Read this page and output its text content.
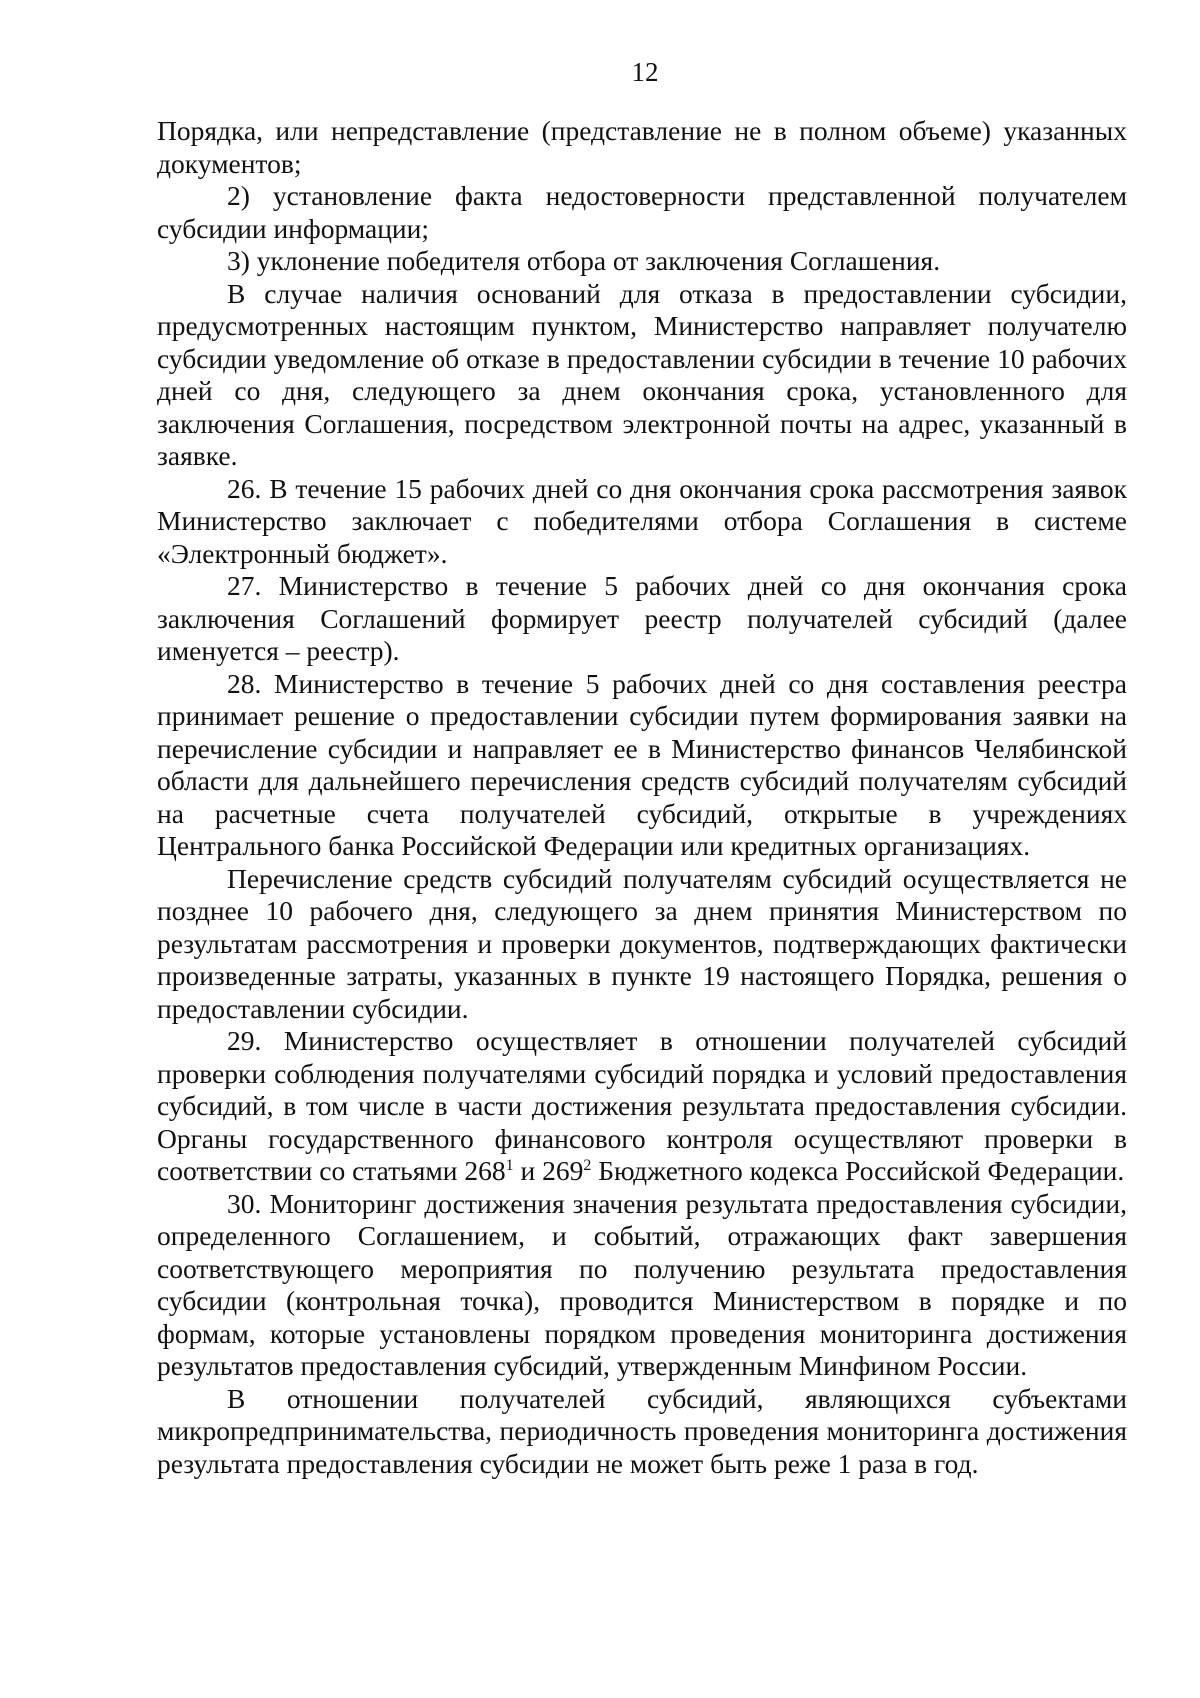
12

Порядка, или непредставление (представление не в полном объеме) указанных документов;

2) установление факта недостоверности представленной получателем субсидии информации;

3) уклонение победителя отбора от заключения Соглашения.

В случае наличия оснований для отказа в предоставлении субсидии, предусмотренных настоящим пунктом, Министерство направляет получателю субсидии уведомление об отказе в предоставлении субсидии в течение 10 рабочих дней со дня, следующего за днем окончания срока, установленного для заключения Соглашения, посредством электронной почты на адрес, указанный в заявке.

26. В течение 15 рабочих дней со дня окончания срока рассмотрения заявок Министерство заключает с победителями отбора Соглашения в системе «Электронный бюджет».

27. Министерство в течение 5 рабочих дней со дня окончания срока заключения Соглашений формирует реестр получателей субсидий (далее именуется – реестр).

28. Министерство в течение 5 рабочих дней со дня составления реестра принимает решение о предоставлении субсидии путем формирования заявки на перечисление субсидии и направляет ее в Министерство финансов Челябинской области для дальнейшего перечисления средств субсидий получателям субсидий на расчетные счета получателей субсидий, открытые в учреждениях Центрального банка Российской Федерации или кредитных организациях.

Перечисление средств субсидий получателям субсидий осуществляется не позднее 10 рабочего дня, следующего за днем принятия Министерством по результатам рассмотрения и проверки документов, подтверждающих фактически произведенные затраты, указанных в пункте 19 настоящего Порядка, решения о предоставлении субсидии.

29. Министерство осуществляет в отношении получателей субсидий проверки соблюдения получателями субсидий порядка и условий предоставления субсидий, в том числе в части достижения результата предоставления субсидии. Органы государственного финансового контроля осуществляют проверки в соответствии со статьями $268^1$ и $269^2$ Бюджетного кодекса Российской Федерации.

30. Мониторинг достижения значения результата предоставления субсидии, определенного Соглашением, и событий, отражающих факт завершения соответствующего мероприятия по получению результата предоставления субсидии (контрольная точка), проводится Министерством в порядке и по формам, которые установлены порядком проведения мониторинга достижения результатов предоставления субсидий, утвержденным Минфином России.

В отношении получателей субсидий, являющихся субъектами микропредпринимательства, периодичность проведения мониторинга достижения результата предоставления субсидии не может быть реже 1 раза в год.
